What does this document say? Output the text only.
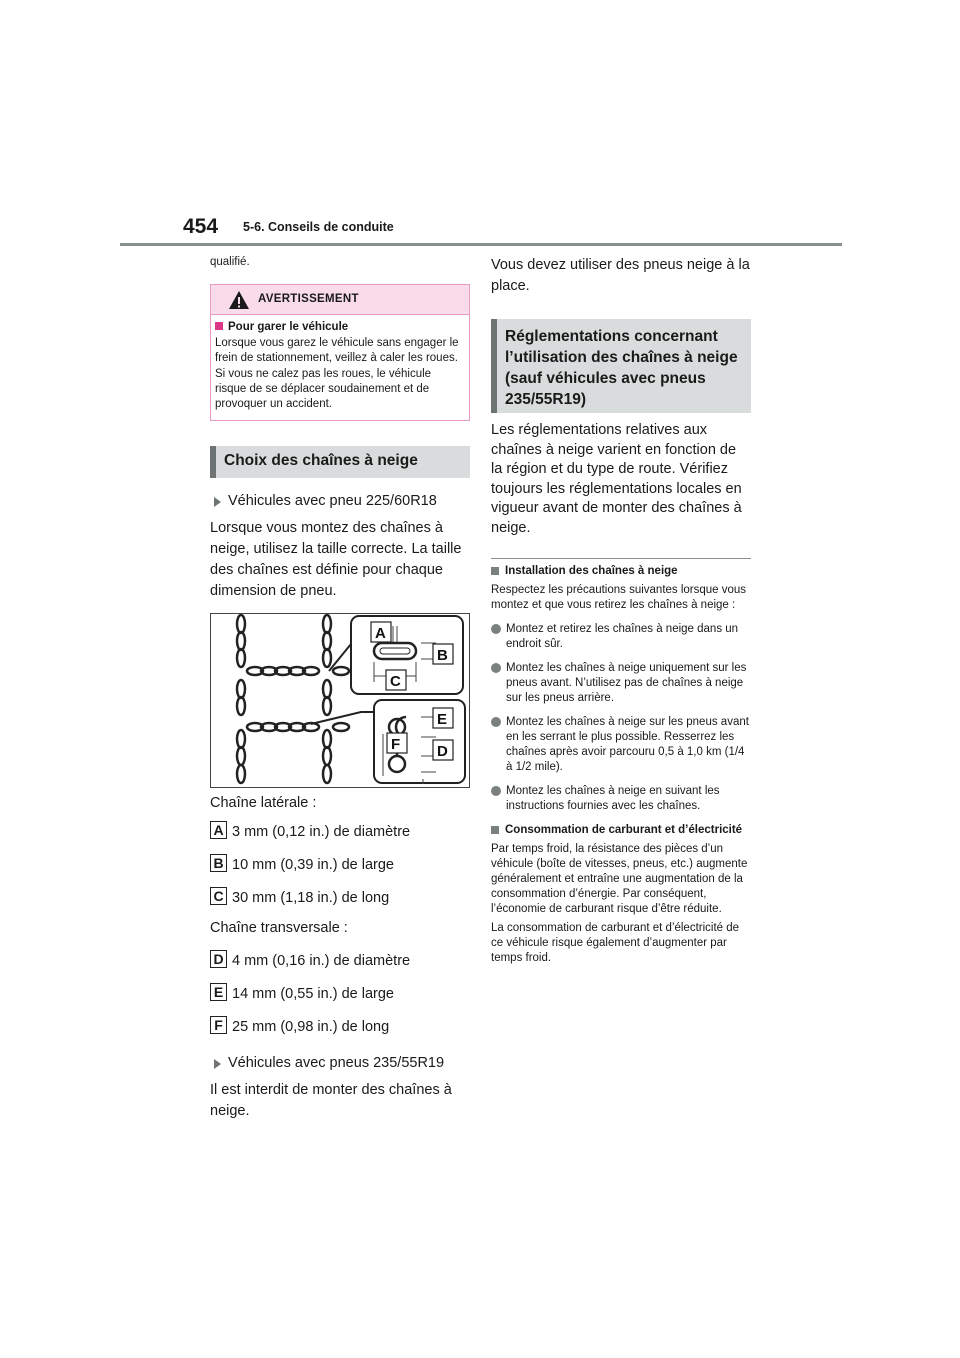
454 5-6. Conseils de conduite
qualifié.
AVERTISSEMENT
Pour garer le véhicule
Lorsque vous garez le véhicule sans engager le frein de stationnement, veillez à caler les roues. Si vous ne calez pas les roues, le véhicule risque de se déplacer soudainement et de provoquer un accident.
Choix des chaînes à neige
Véhicules avec pneu 225/60R18
Lorsque vous montez des chaînes à neige, utilisez la taille correcte. La taille des chaînes est définie pour chaque dimension de pneu.
A
B
C
E
F D
Chaîne latérale :
A 3 mm (0,12 in.) de diamètre
B 10 mm (0,39 in.) de large
C 30 mm (1,18 in.) de long
Chaîne transversale :
D 4 mm (0,16 in.) de diamètre
E 14 mm (0,55 in.) de large
F 25 mm (0,98 in.) de long
Véhicules avec pneus 235/55R19
Il est interdit de monter des chaînes à neige.
Vous devez utiliser des pneus neige à la place.
Réglementations concernant l’utilisation des chaînes à neige (sauf véhicules avec pneus 235/55R19)
Les réglementations relatives aux chaînes à neige varient en fonction de la région et du type de route. Vérifiez toujours les réglementations locales en vigueur avant de monter des chaînes à neige.
Installation des chaînes à neige
Respectez les précautions suivantes lorsque vous montez et que vous retirez les chaînes à neige :
Montez et retirez les chaînes à neige dans un endroit sûr.
Montez les chaînes à neige uniquement sur les pneus avant. N’utilisez pas de chaînes à neige sur les pneus arrière.
Montez les chaînes à neige sur les pneus avant en les serrant le plus possible. Resserrez les chaînes après avoir parcouru 0,5 à 1,0 km (1/4 à 1/2 mile).
Montez les chaînes à neige en suivant les instructions fournies avec les chaînes.
Consommation de carburant et d’électricité
Par temps froid, la résistance des pièces d’un véhicule (boîte de vitesses, pneus, etc.) augmente généralement et entraîne une augmentation de la consommation d’énergie. Par conséquent, l’économie de carburant risque d’être réduite.
La consommation de carburant et d’électricité de ce véhicule risque également d’augmenter par temps froid.
